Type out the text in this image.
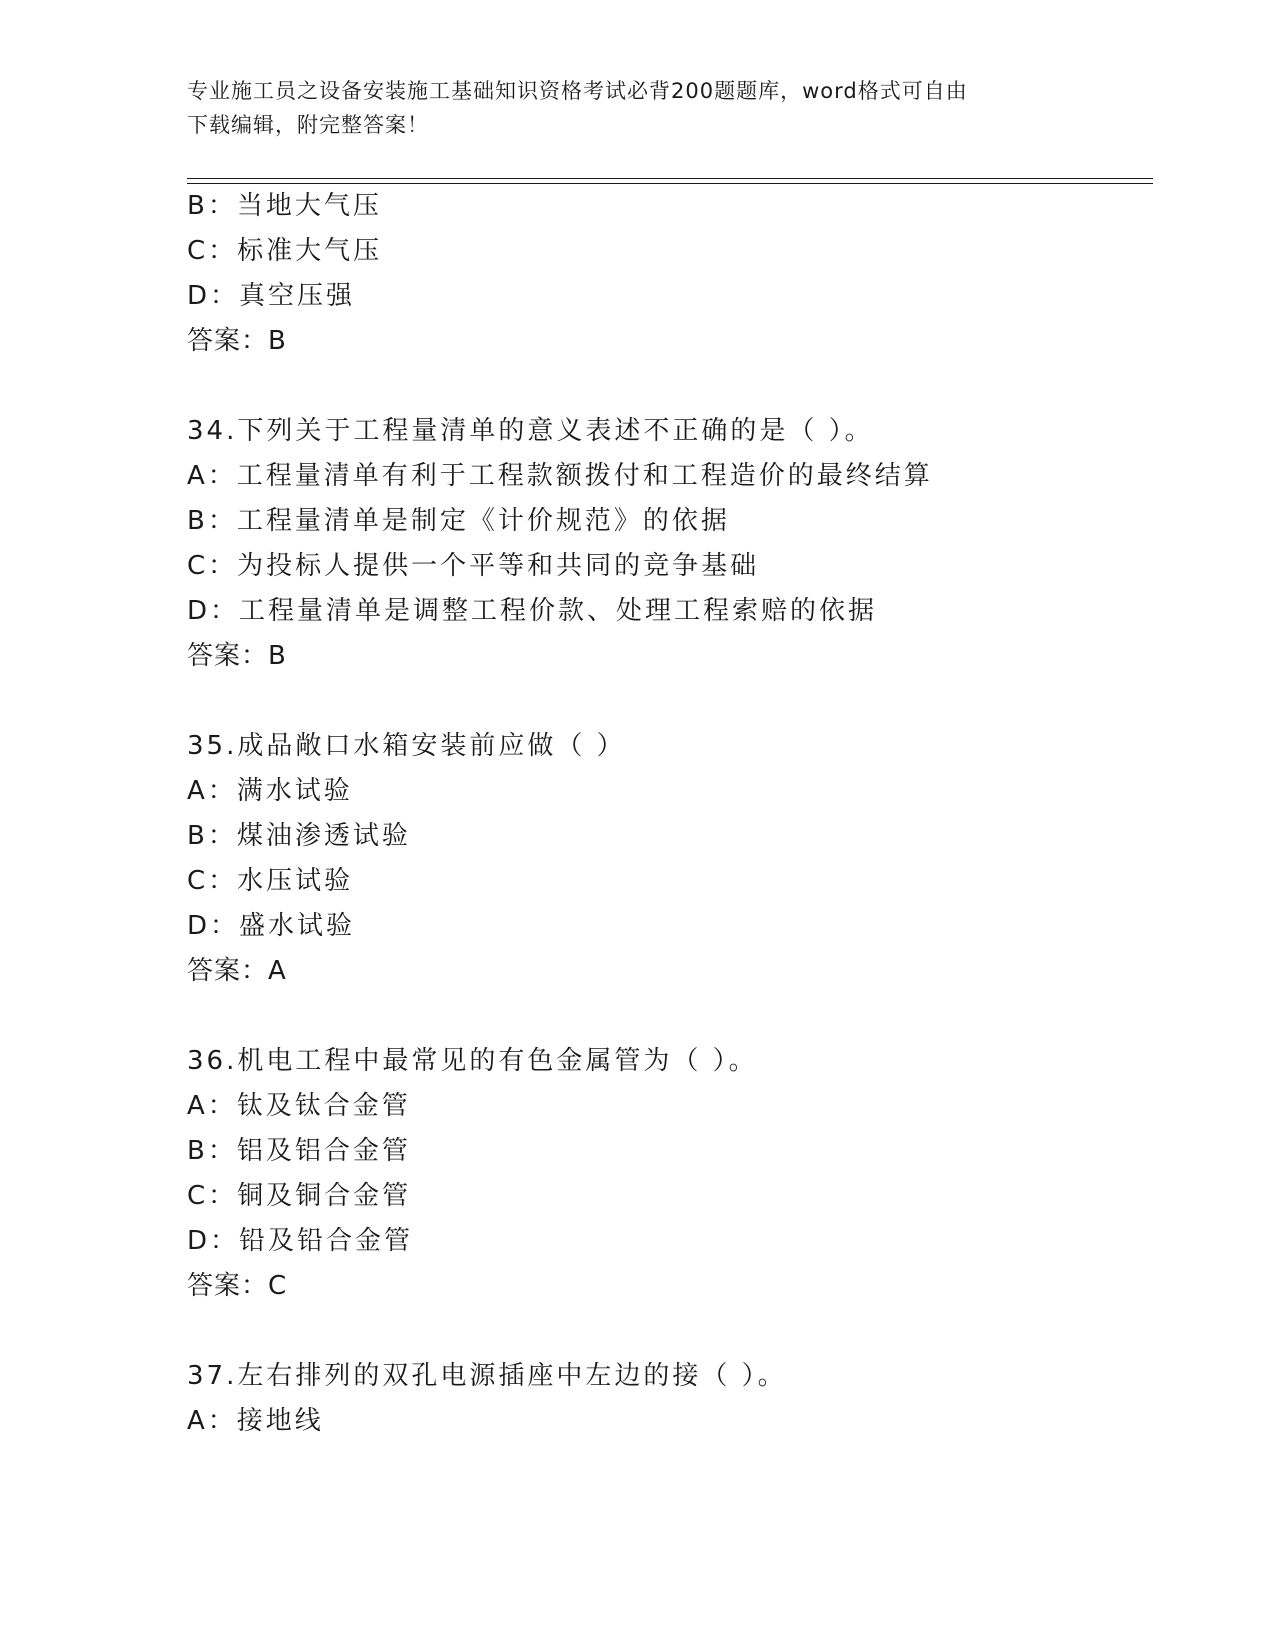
专业施工员之设备安装施工基础知识资格考试必背200题题库，word格式可自由
下载编辑，附完整答案！
B：当地大气压
C：标准大气压
D：真空压强
答案：B
34.下列关于工程量清单的意义表述不正确的是（ ）。
A：工程量清单有利于工程款额拨付和工程造价的最终结算
B：工程量清单是制定《计价规范》的依据
C：为投标人提供一个平等和共同的竞争基础
D：工程量清单是调整工程价款、处理工程索赔的依据
答案：B
35.成品敞口水箱安装前应做（ ）
A：满水试验
B：煤油渗透试验
C：水压试验
D：盛水试验
答案：A
36.机电工程中最常见的有色金属管为（ ）。
A：钛及钛合金管
B：铝及铝合金管
C：铜及铜合金管
D：铅及铅合金管
答案：C
37.左右排列的双孔电源插座中左边的接（ ）。
A：接地线
